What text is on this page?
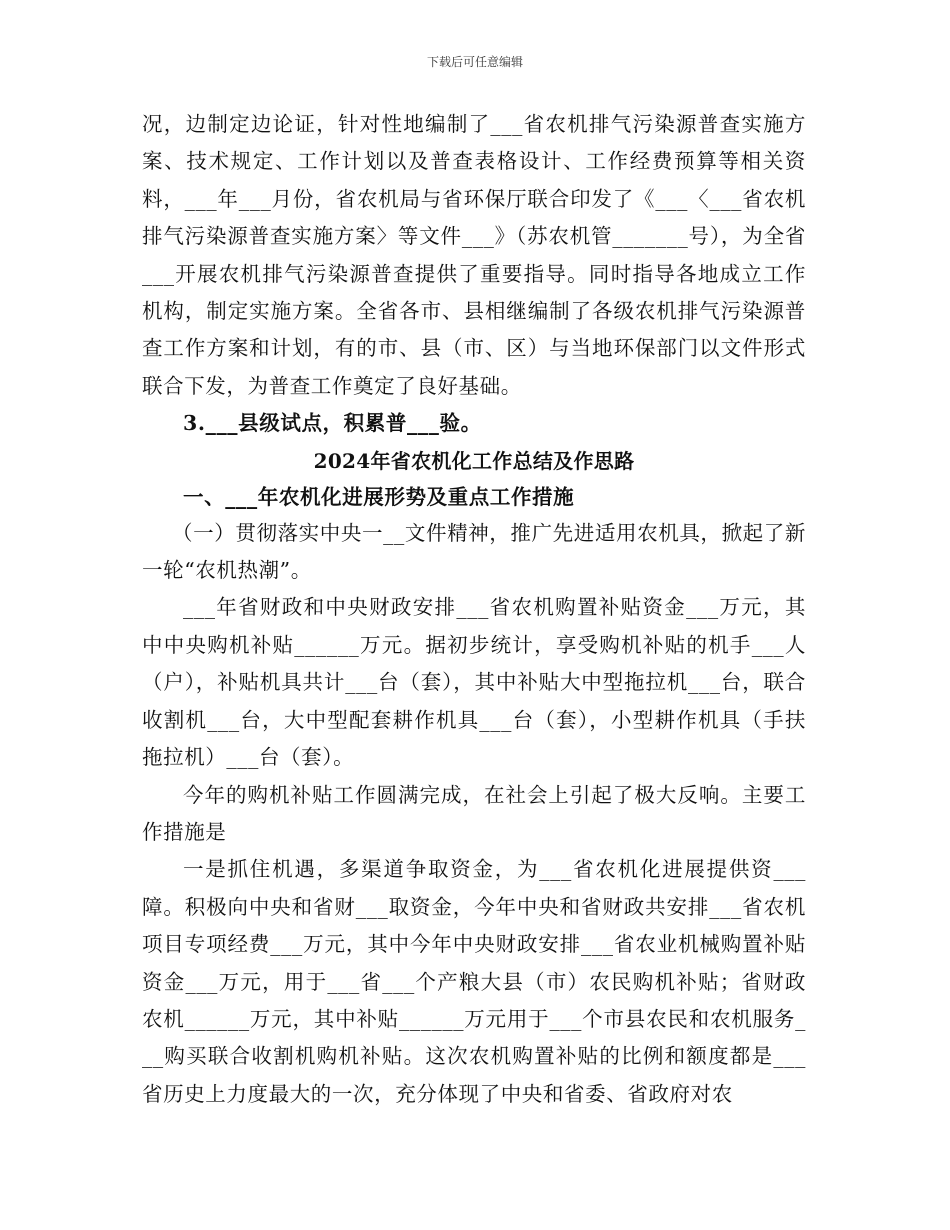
下载后可任意编辑

况，边制定边论证，针对性地编制了___省农机排气污染源普查实施方案、技术规定、工作计划以及普查表格设计、工作经费预算等相关资料，___年___月份，省农机局与省环保厅联合印发了《___〈___省农机排气污染源普查实施方案〉等文件___》（苏农机管_______号），为全省___开展农机排气污染源普查提供了重要指导。同时指导各地成立工作机构，制定实施方案。全省各市、县相继编制了各级农机排气污染源普查工作方案和计划，有的市、县（市、区）与当地环保部门以文件形式联合下发，为普查工作奠定了良好基础。

3.___县级试点，积累普___验。

2024年省农机化工作总结及作思路

一、___年农机化进展形势及重点工作措施

（一）贯彻落实中央一__文件精神，推广先进适用农机具，掀起了新一轮“农机热潮”。

___年省财政和中央财政安排___省农机购置补贴资金___万元，其中中央购机补贴______万元。据初步统计，享受购机补贴的机手___人（户），补贴机具共计___台（套），其中补贴大中型拖拉机___台，联合收割机___台，大中型配套耕作机具___台（套），小型耕作机具（手扶拖拉机）___台（套）。

今年的购机补贴工作圆满完成，在社会上引起了极大反响。主要工作措施是

一是抓住机遇，多渠道争取资金，为___省农机化进展提供资___障。积极向中央和省财___取资金，今年中央和省财政共安排___省农机项目专项经费___万元，其中今年中央财政安排___省农业机械购置补贴资金___万元，用于___省___个产粮大县（市）农民购机补贴；省财政农机______万元，其中补贴______万元用于___个市县农民和农机服务___购买联合收割机购机补贴。这次农机购置补贴的比例和额度都是___省历史上力度最大的一次，充分体现了中央和省委、省政府对农
